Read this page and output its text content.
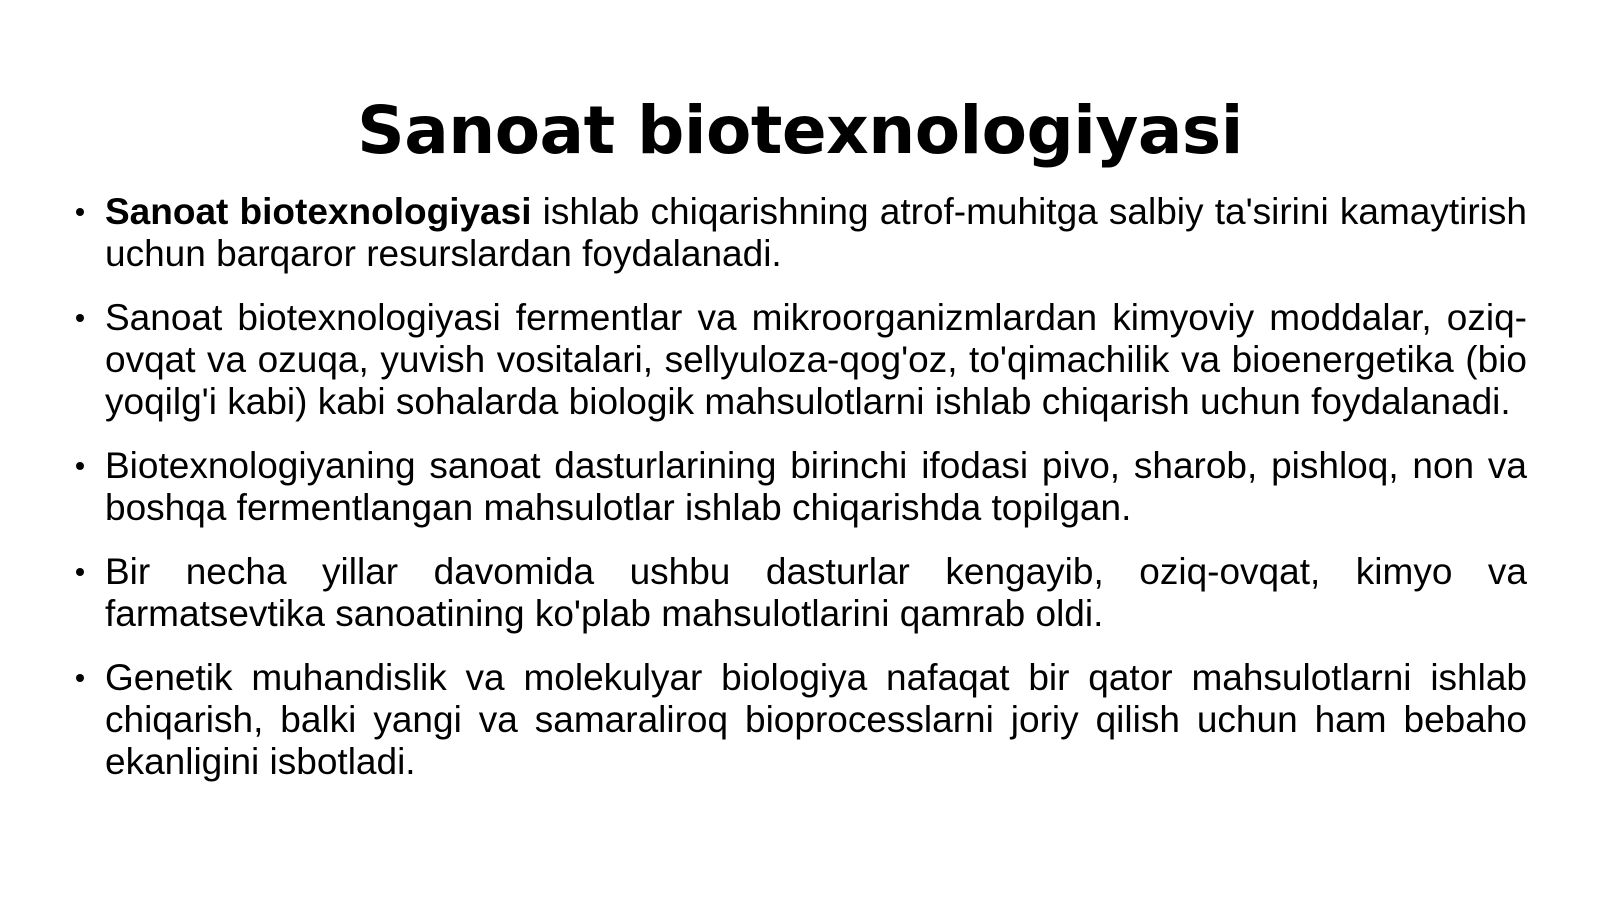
Sanoat biotexnologiyasi
Sanoat biotexnologiyasi ishlab chiqarishning atrof-muhitga salbiy ta'sirini kamaytirish uchun barqaror resurslardan foydalanadi.
Sanoat biotexnologiyasi fermentlar va mikroorganizmlardan kimyoviy moddalar, oziq-ovqat va ozuqa, yuvish vositalari, sellyuloza-qog'oz, to'qimachilik va bioenergetika (bio yoqilg'i kabi) kabi sohalarda biologik mahsulotlarni ishlab chiqarish uchun foydalanadi.
Biotexnologiyaning sanoat dasturlarining birinchi ifodasi pivo, sharob, pishloq, non va boshqa fermentlangan mahsulotlar ishlab chiqarishda topilgan.
Bir necha yillar davomida ushbu dasturlar kengayib, oziq-ovqat, kimyo va farmatsevtika sanoatining ko'plab mahsulotlarini qamrab oldi.
Genetik muhandislik va molekulyar biologiya nafaqat bir qator mahsulotlarni ishlab chiqarish, balki yangi va samaraliroq bioprocesslarni joriy qilish uchun ham bebaho ekanligini isbotladi.
